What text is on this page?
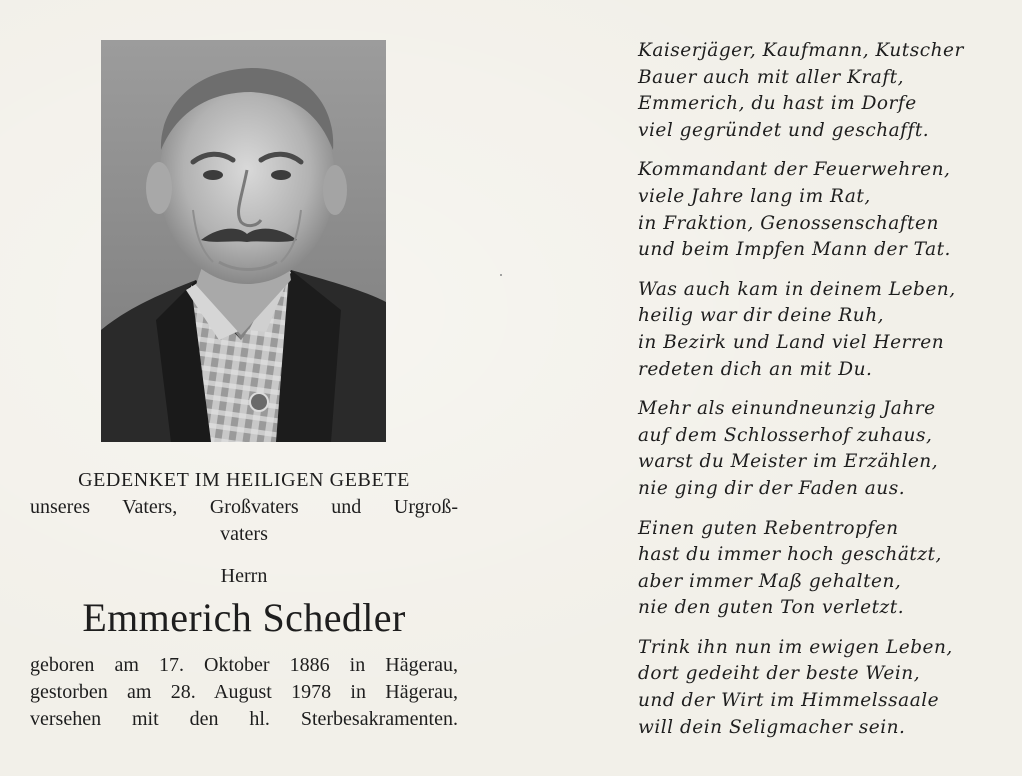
GEDENKET IM HEILIGEN GEBETE
unseres Vaters, Großvaters und Urgroß-
vaters
Herrn
Emmerich Schedler
geboren am 17. Oktober 1886 in Hägerau,
gestorben am 28. August 1978 in Hägerau,
versehen mit den hl. Sterbesakramenten.
Kaiserjäger, Kaufmann, Kutscher
Bauer auch mit aller Kraft,
Emmerich, du hast im Dorfe
viel gegründet und geschafft.
Kommandant der Feuerwehren,
viele Jahre lang im Rat,
in Fraktion, Genossenschaften
und beim Impfen Mann der Tat.
Was auch kam in deinem Leben,
heilig war dir deine Ruh,
in Bezirk und Land viel Herren
redeten dich an mit Du.
Mehr als einundneunzig Jahre
auf dem Schlosserhof zuhaus,
warst du Meister im Erzählen,
nie ging dir der Faden aus.
Einen guten Rebentropfen
hast du immer hoch geschätzt,
aber immer Maß gehalten,
nie den guten Ton verletzt.
Trink ihn nun im ewigen Leben,
dort gedeiht der beste Wein,
und der Wirt im Himmelssaale
will dein Seligmacher sein.
